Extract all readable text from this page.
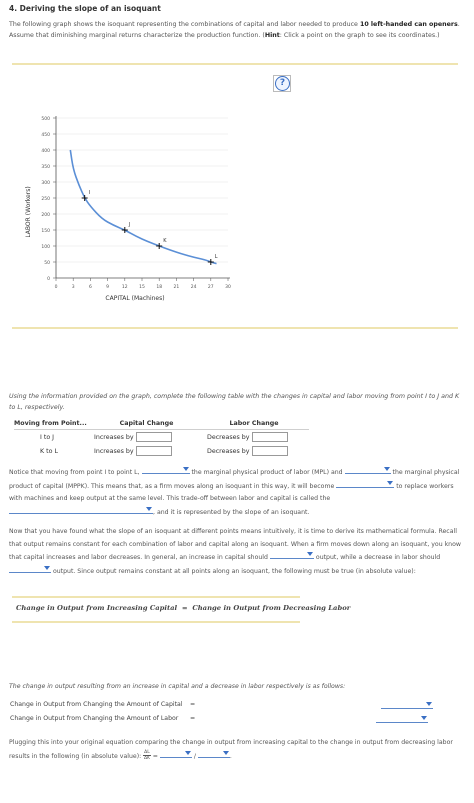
4. Deriving the slope of an isoquant
The following graph shows the isoquant representing the combinations of capital and labor needed to produce 10 left-handed can openers. Assume that diminishing marginal returns characterize the production function. (Hint: Click a point on the graph to see its coordinates.)
?
0
50
100
150
200
250
300
350
400
450
500
0	3	6	9	12	15	18	21	24	27	30
I
J
K
L
LABOR (Workers)
CAPITAL (Machines)
Using the information provided on the graph, complete the following table with the changes in capital and labor moving from point I to J and K to L, respectively.
Moving from Point...	Capital Change	Labor Change
I to J	Increases by	Decreases by
K to L	Increases by	Decreases by
Notice that moving from point I to point L,	the marginal physical product of labor (MPL) and	the marginal physical product of capital (MPPK). This means that, as a firm moves along an isoquant in this way, it will become	to replace workers with machines and keep output at the same level. This trade-off between labor and capital is called the
, and it is represented by the slope of an isoquant.
Now that you have found what the slope of an isoquant at different points means intuitively, it is time to derive its mathematical formula. Recall that output remains constant for each combination of labor and capital along an isoquant. When a firm moves down along an isoquant, you know that capital increases and labor decreases. In general, an increase in capital should	output, while a decrease in labor should
output. Since output remains constant at all points along an isoquant, the following must be true (in absolute value):
Change in Output from Increasing Capital = Change in Output from Decreasing Labor
The change in output resulting from an increase in capital and a decrease in labor respectively is as follows:
Change in Output from Changing the Amount of Capital =
Change in Output from Changing the Amount of Labor =
Plugging this into your original equation comparing the change in output from increasing capital to the change in output from decreasing labor results in the following (in absolute value): $\frac{\Delta L}{\Delta K}$ =	/	.
